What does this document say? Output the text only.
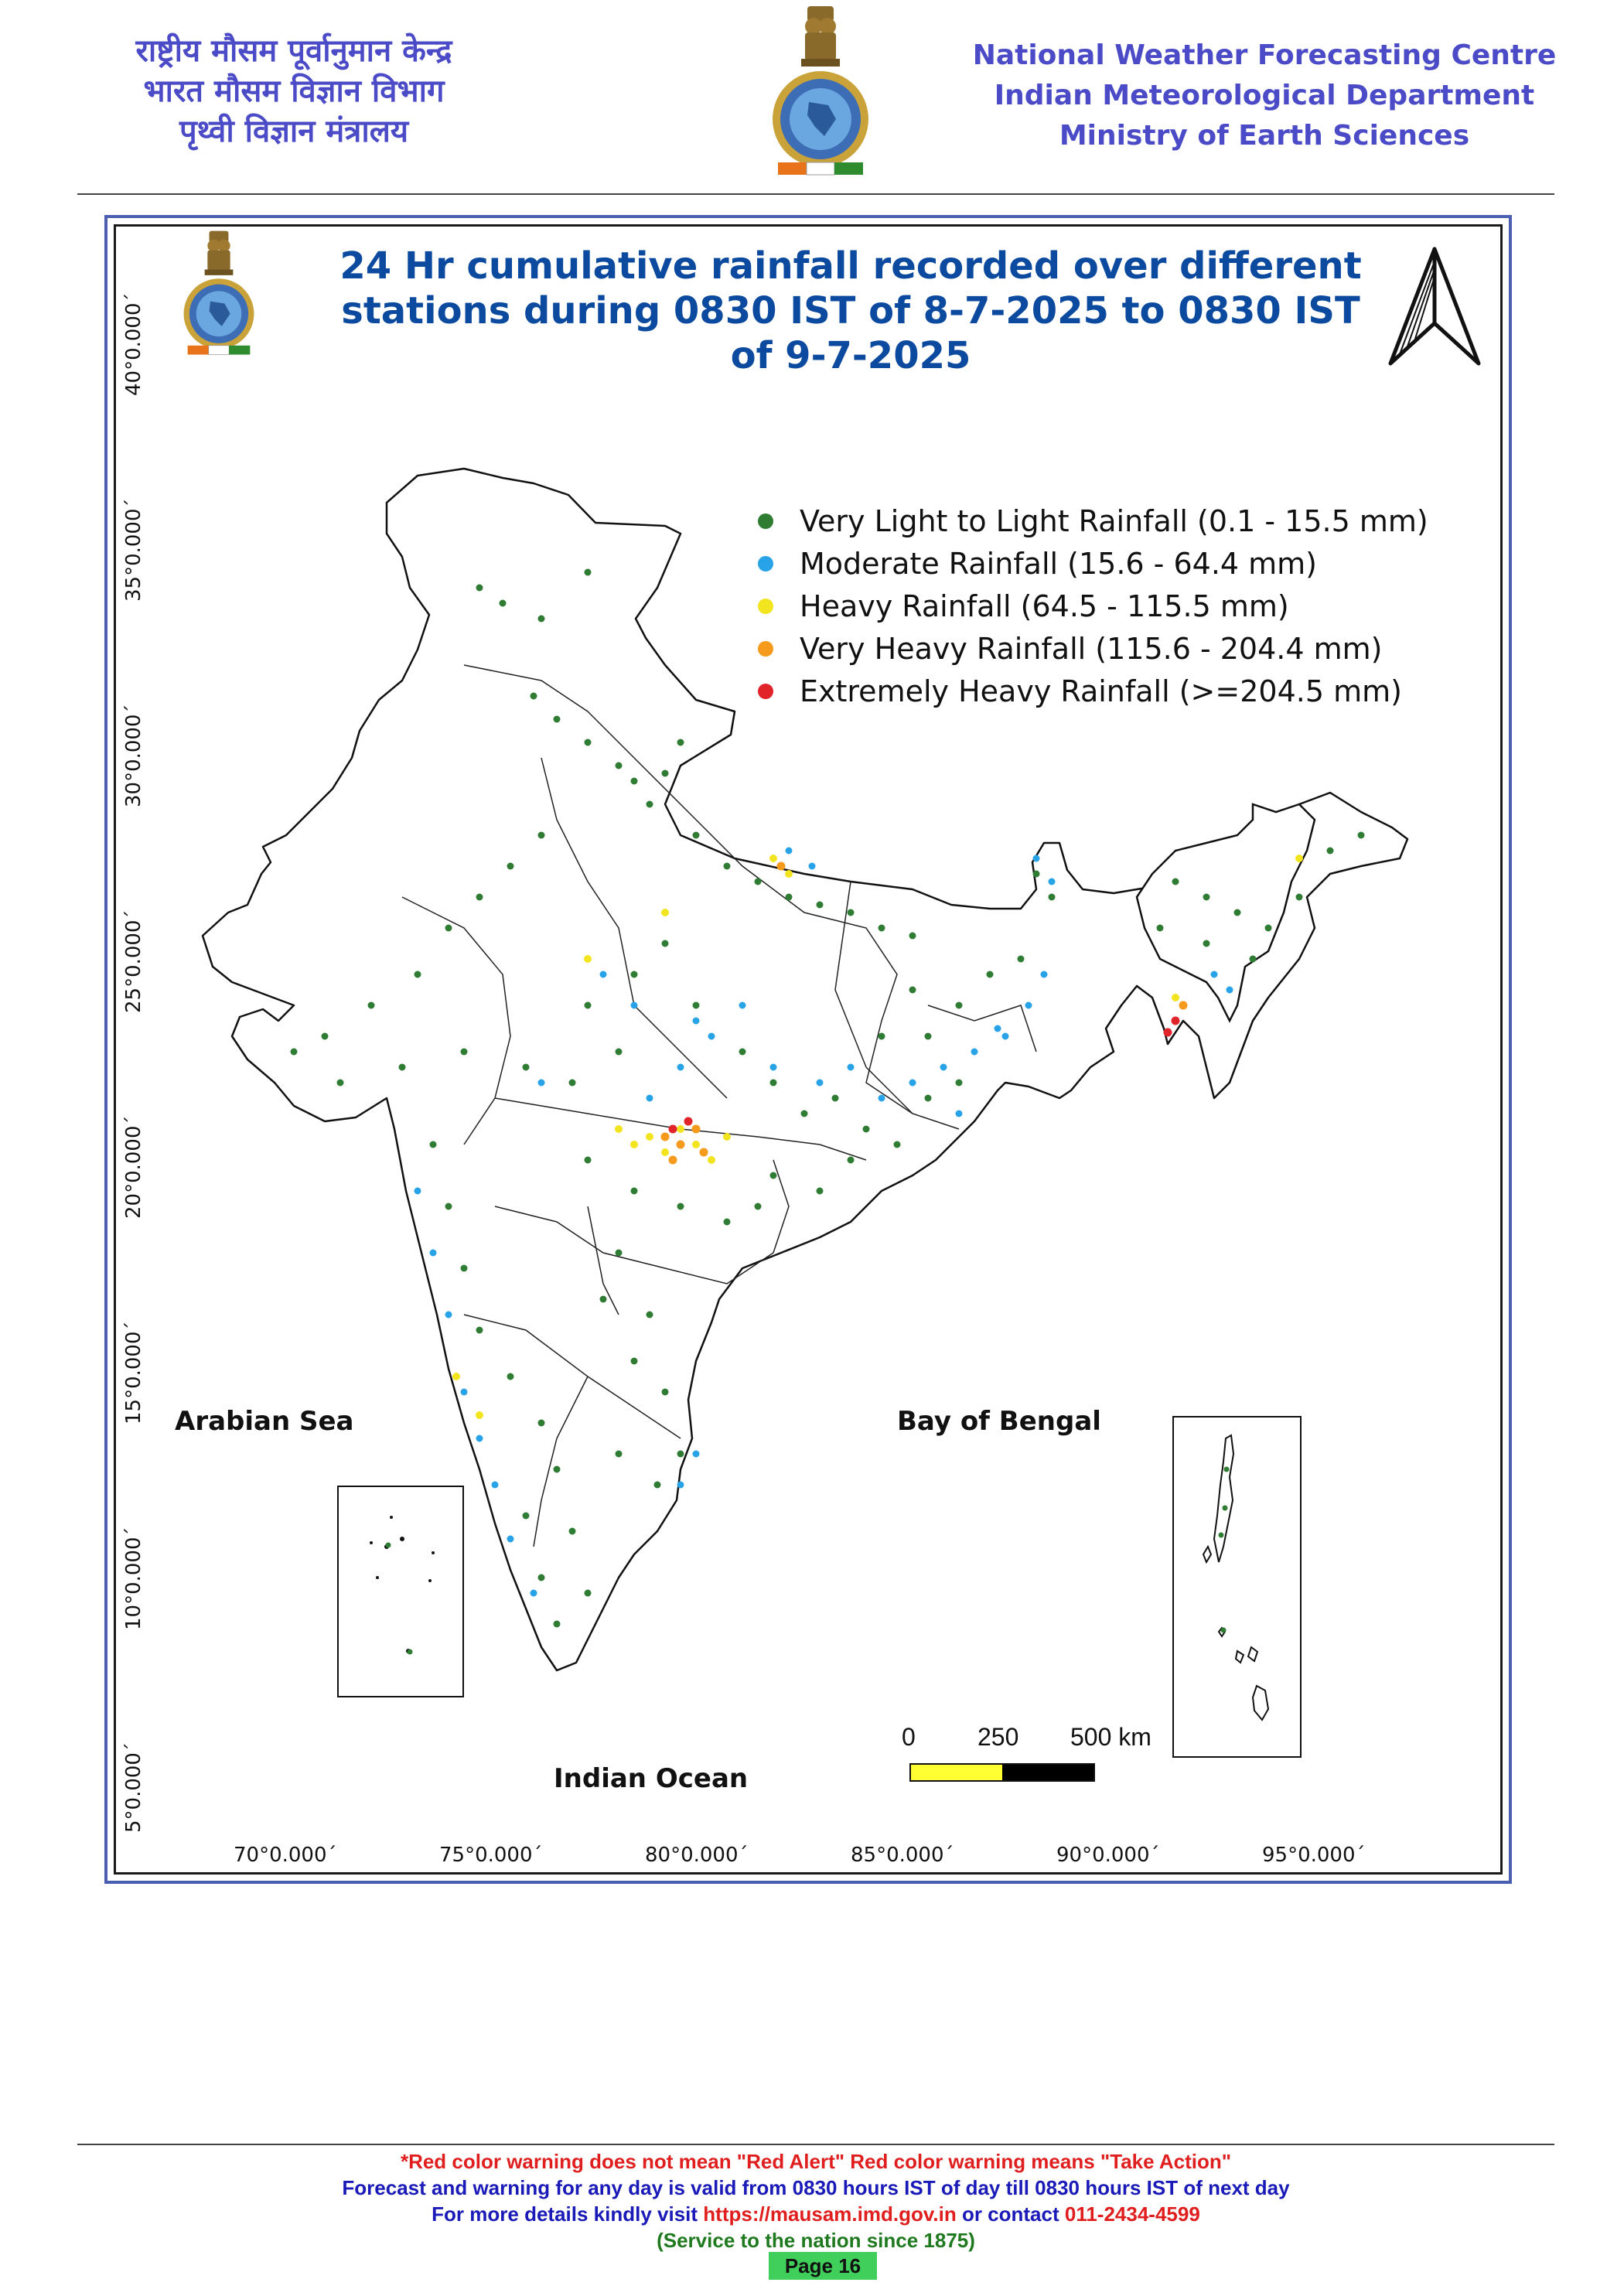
राष्ट्रीय मौसम पूर्वानुमान केन्द्र
भारत मौसम विज्ञान विभाग
पृथ्वी विज्ञान मंत्रालय
National Weather Forecasting Centre
Indian Meteorological Department
Ministry of Earth Sciences
24 Hr cumulative rainfall recorded over different
stations during 0830 IST of 8-7-2025 to 0830 IST
of 9-7-2025
Very Light to Light Rainfall (0.1 - 15.5 mm)
Moderate Rainfall (15.6 - 64.4 mm)
Heavy Rainfall (64.5 - 115.5 mm)
Very Heavy Rainfall (115.6 - 204.4 mm)
Extremely Heavy Rainfall (>=204.5 mm)
Arabian Sea	Bay of Bengal
Indian Ocean
40°0.000´
35°0.000´
30°0.000´
25°0.000´
20°0.000´
15°0.000´
10°0.000´
5°0.000´
70°0.000´	75°0.000´	80°0.000´	85°0.000´	90°0.000´	95°0.000´
0	250 500 km
*Red color warning does not mean "Red Alert" Red color warning means "Take Action"
Forecast and warning for any day is valid from 0830 hours IST of day till 0830 hours IST of next day
For more details kindly visit https://mausam.imd.gov.in or contact 011-2434-4599
(Service to the nation since 1875)
Page 16
